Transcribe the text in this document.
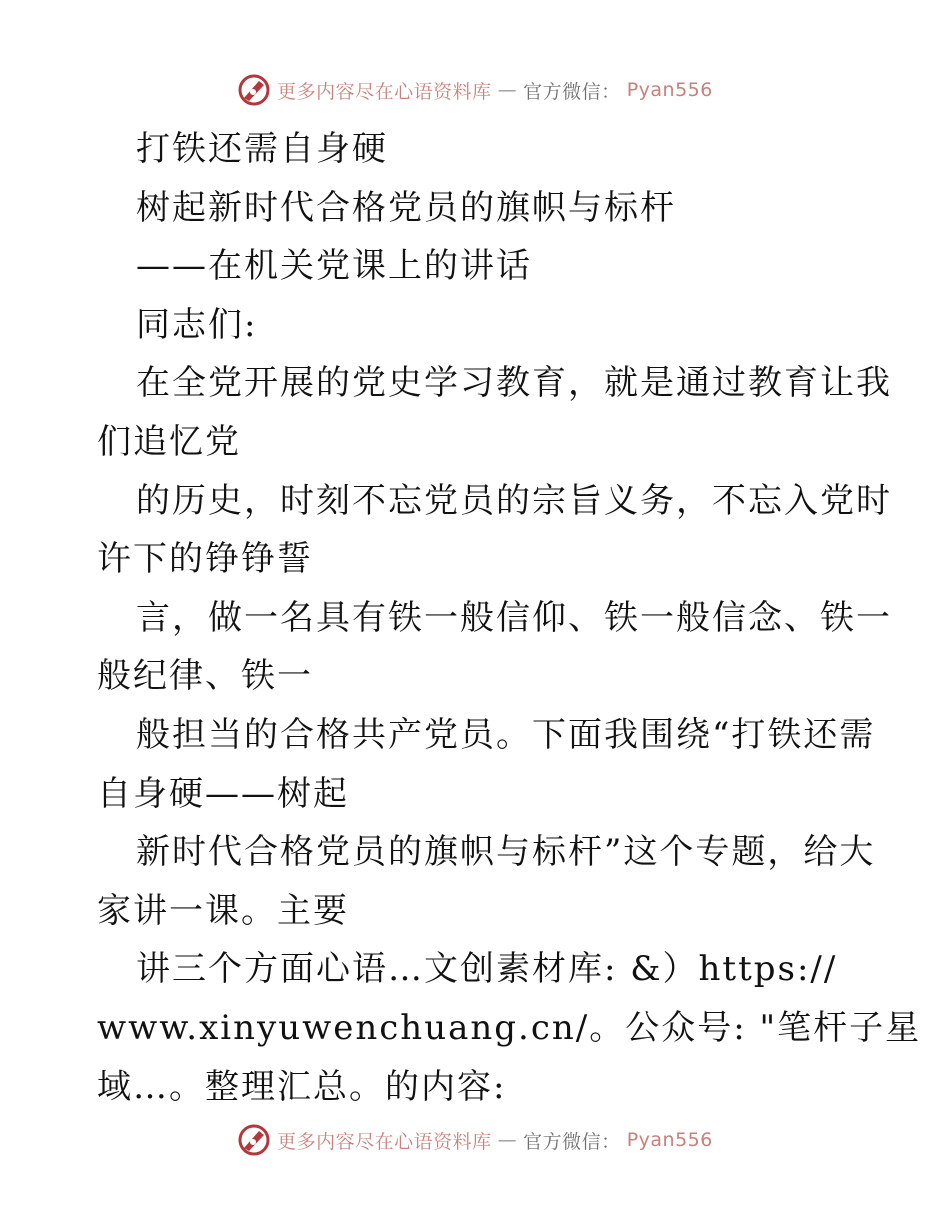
更多内容尽在心语资料库 — 官方微信： Pyan556
打铁还需自身硬
树起新时代合格党员的旗帜与标杆
——在机关党课上的讲话
同志们:
在全党开展的党史学习教育，就是通过教育让我
们追忆党
的历史，时刻不忘党员的宗旨义务，不忘入党时
许下的铮铮誓
言，做一名具有铁一般信仰、铁一般信念、铁一
般纪律、铁一
般担当的合格共产党员。下面我围绕“打铁还需
自身硬——树起
新时代合格党员的旗帜与标杆”这个专题，给大
家讲一课。主要
讲三个方面心语…文创素材库: &）https://
www.xinyuwenchuang.cn/。公众号: "笔杆子星
域…。整理汇总。的内容:
更多内容尽在心语资料库 — 官方微信： Pyan556
